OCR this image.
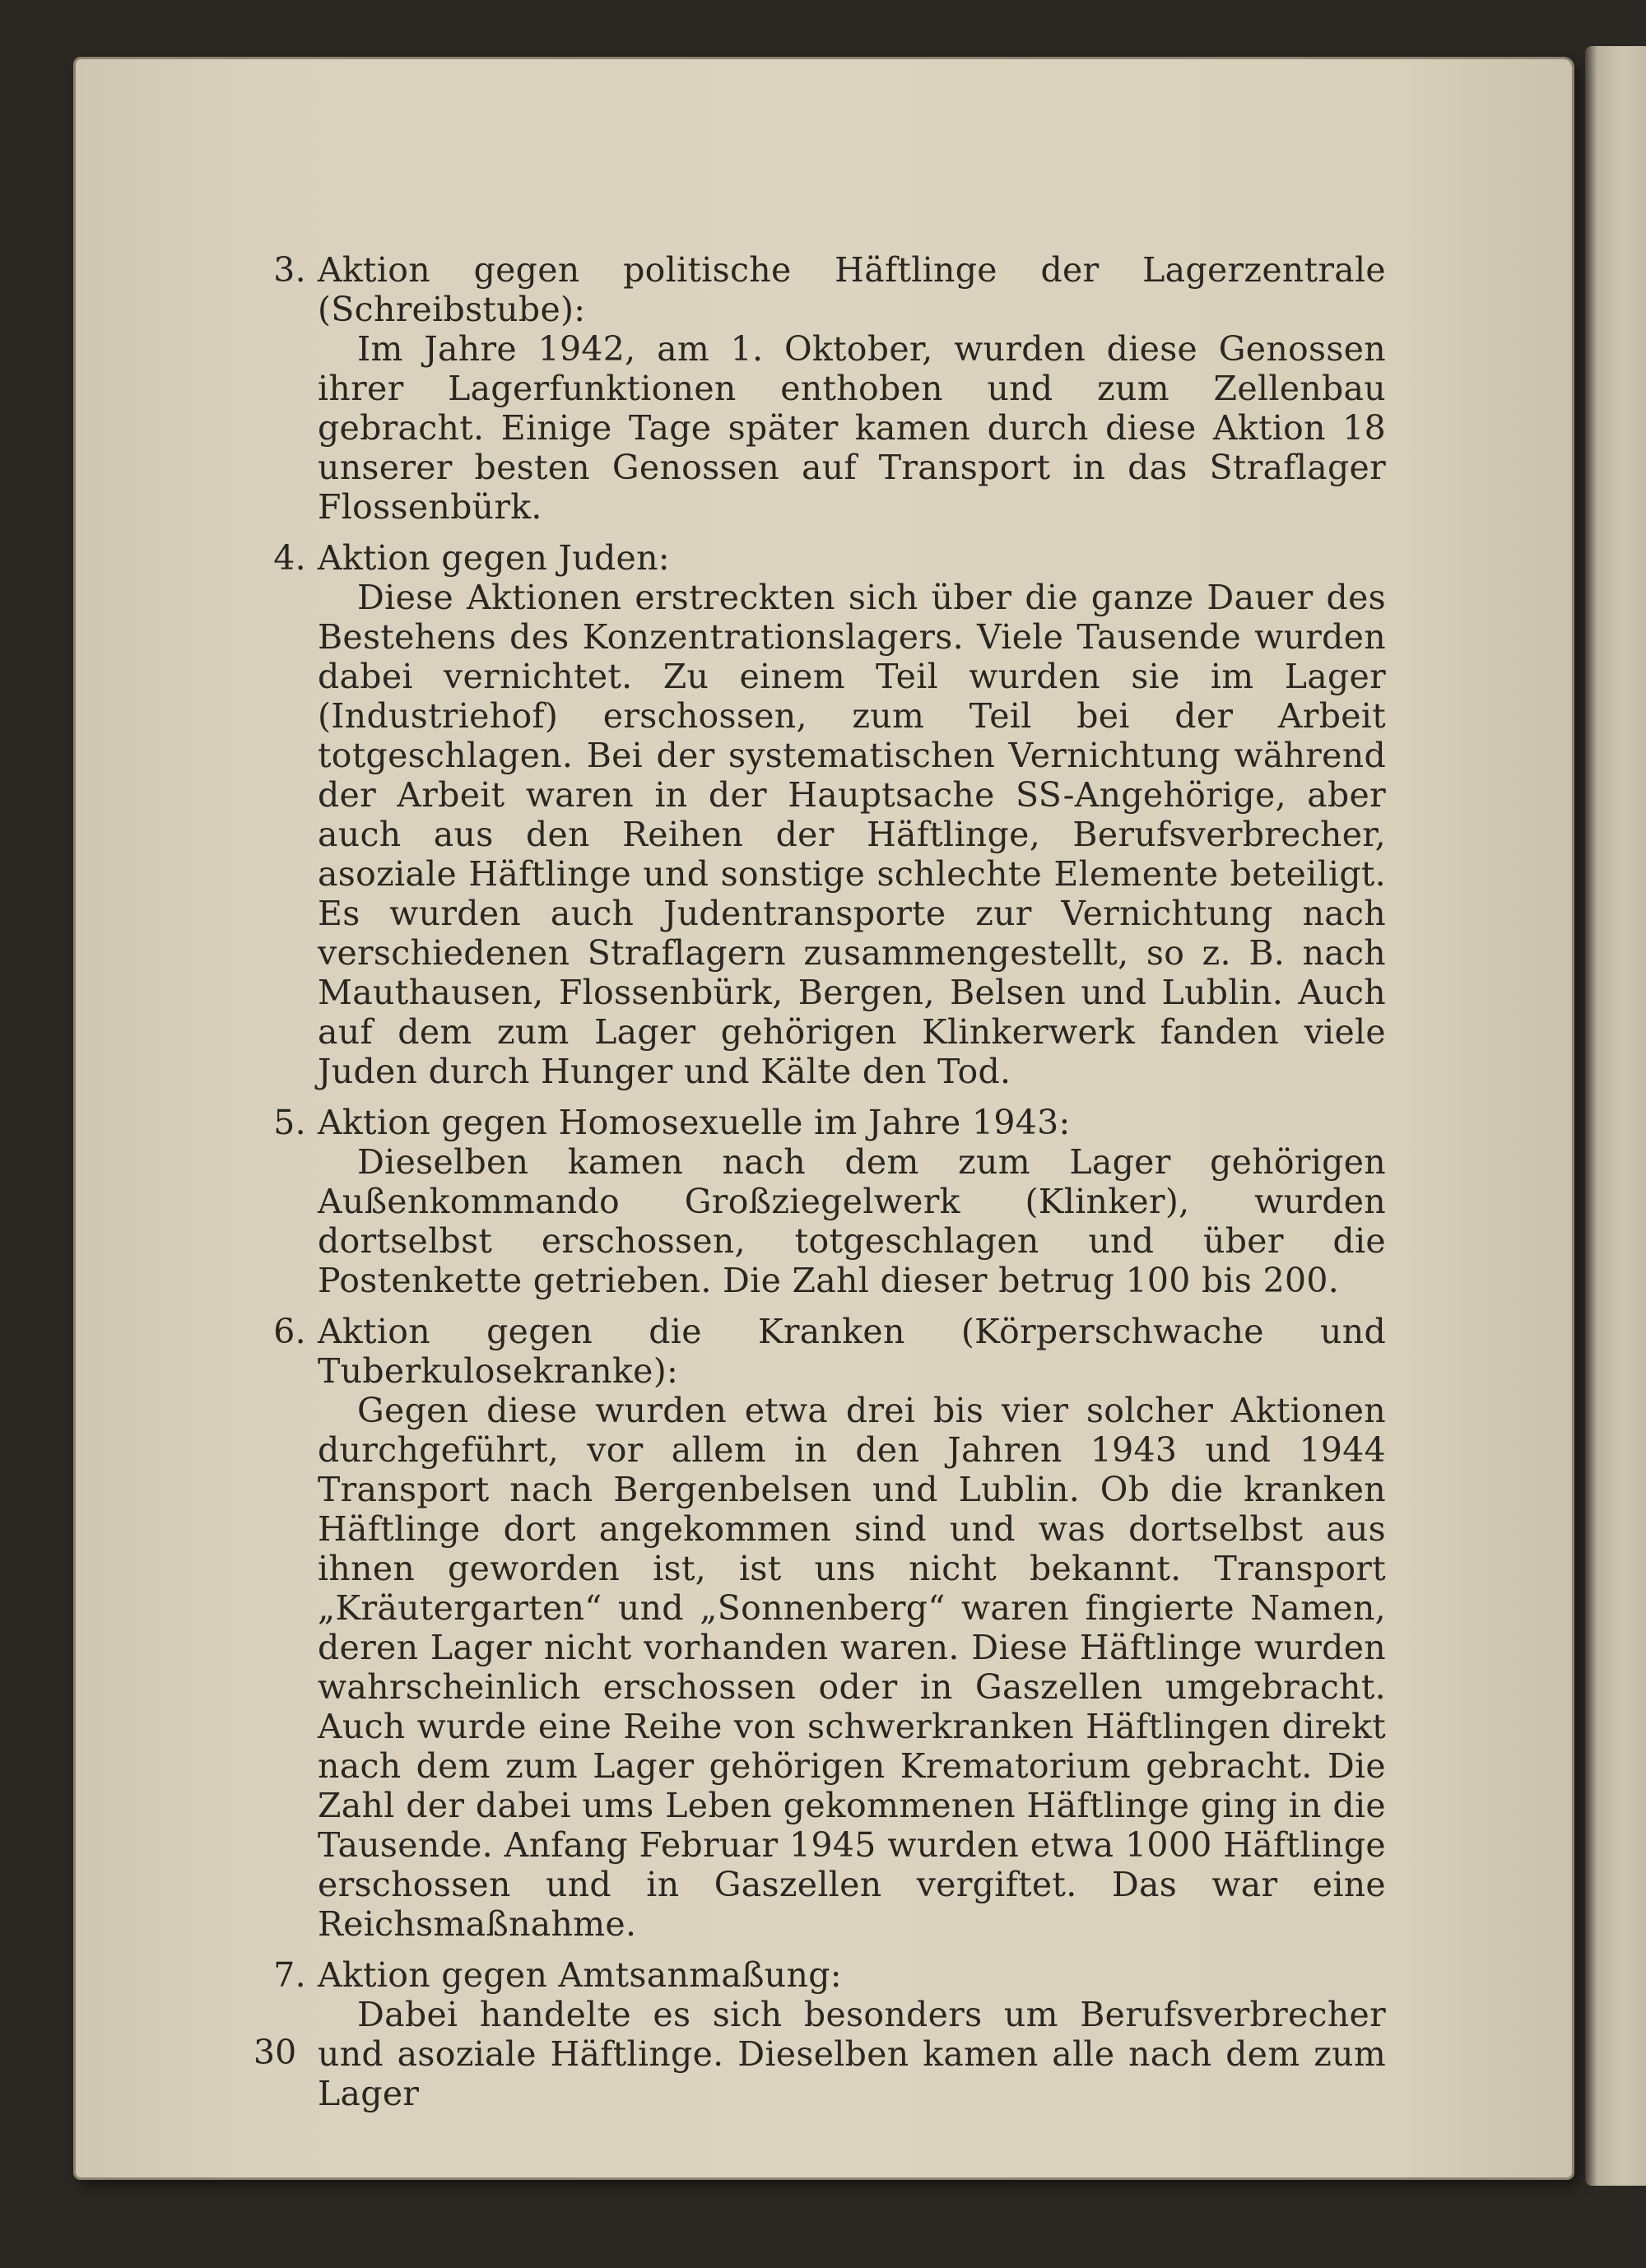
3. Aktion gegen politische Häftlinge der Lagerzentrale (Schreibstube):
Im Jahre 1942, am 1. Oktober, wurden diese Genossen ihrer Lagerfunktionen enthoben und zum Zellenbau gebracht. Einige Tage später kamen durch diese Aktion 18 unserer besten Genossen auf Transport in das Straflager Flossenbürk.
4. Aktion gegen Juden:
Diese Aktionen erstreckten sich über die ganze Dauer des Bestehens des Konzentrationslagers. Viele Tausende wurden dabei vernichtet. Zu einem Teil wurden sie im Lager (Industriehof) erschossen, zum Teil bei der Arbeit totgeschlagen. Bei der systematischen Vernichtung während der Arbeit waren in der Hauptsache SS-Angehörige, aber auch aus den Reihen der Häftlinge, Berufsverbrecher, asoziale Häftlinge und sonstige schlechte Elemente beteiligt. Es wurden auch Judentransporte zur Vernichtung nach verschiedenen Straflagern zusammengestellt, so z. B. nach Mauthausen, Flossenbürk, Bergen, Belsen und Lublin. Auch auf dem zum Lager gehörigen Klinkerwerk fanden viele Juden durch Hunger und Kälte den Tod.
5. Aktion gegen Homosexuelle im Jahre 1943:
Dieselben kamen nach dem zum Lager gehörigen Außenkommando Großziegelwerk (Klinker), wurden dortselbst erschossen, totgeschlagen und über die Postenkette getrieben. Die Zahl dieser betrug 100 bis 200.
6. Aktion gegen die Kranken (Körperschwache und Tuberkulosekranke):
Gegen diese wurden etwa drei bis vier solcher Aktionen durchgeführt, vor allem in den Jahren 1943 und 1944 Transport nach Bergenbelsen und Lublin. Ob die kranken Häftlinge dort angekommen sind und was dortselbst aus ihnen geworden ist, ist uns nicht bekannt. Transport „Kräutergarten“ und „Sonnenberg“ waren fingierte Namen, deren Lager nicht vorhanden waren. Diese Häftlinge wurden wahrscheinlich erschossen oder in Gaszellen umgebracht. Auch wurde eine Reihe von schwerkranken Häftlingen direkt nach dem zum Lager gehörigen Krematorium gebracht. Die Zahl der dabei ums Leben gekommenen Häftlinge ging in die Tausende. Anfang Februar 1945 wurden etwa 1000 Häftlinge erschossen und in Gaszellen vergiftet. Das war eine Reichsmaßnahme.
7. Aktion gegen Amtsanmaßung:
Dabei handelte es sich besonders um Berufsverbrecher und asoziale Häftlinge. Dieselben kamen alle nach dem zum Lager
30
